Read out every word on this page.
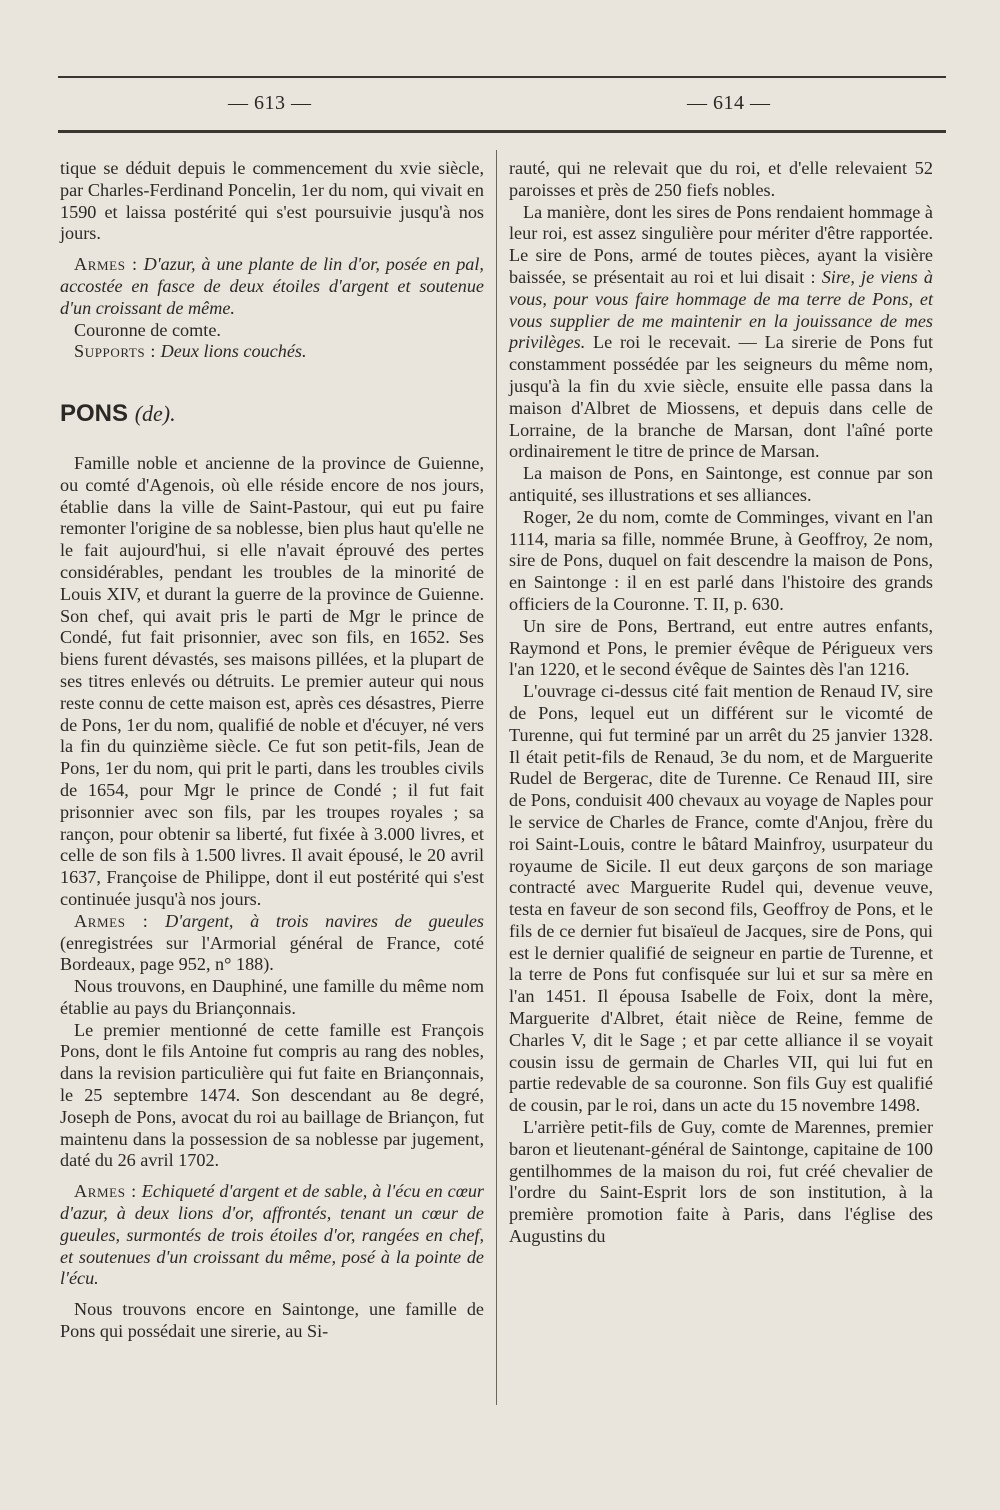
— 613 —	— 614 —

tique se déduit depuis le commencement du xvie siècle, par Charles-Ferdinand Poncelin, 1er du nom, qui vivait en 1590 et laissa postérité qui s'est poursuivie jusqu'à nos jours.

Armes : D'azur, à une plante de lin d'or, posée en pal, accostée en fasce de deux étoiles d'argent et soutenue d'un croissant de même.

Couronne de comte.

Supports : Deux lions couchés.

PONS (de).

Famille noble et ancienne de la province de Guienne, ou comté d'Agenois, où elle réside encore de nos jours, établie dans la ville de Saint-Pastour, qui eut pu faire remonter l'origine de sa noblesse, bien plus haut qu'elle ne le fait aujourd'hui, si elle n'avait éprouvé des pertes considérables, pendant les troubles de la minorité de Louis XIV, et durant la guerre de la province de Guienne. Son chef, qui avait pris le parti de Mgr le prince de Condé, fut fait prisonnier, avec son fils, en 1652. Ses biens furent dévastés, ses maisons pillées, et la plupart de ses titres enlevés ou détruits. Le premier auteur qui nous reste connu de cette maison est, après ces désastres, Pierre de Pons, 1er du nom, qualifié de noble et d'écuyer, né vers la fin du quinzième siècle. Ce fut son petit-fils, Jean de Pons, 1er du nom, qui prit le parti, dans les troubles civils de 1654, pour Mgr le prince de Condé ; il fut fait prisonnier avec son fils, par les troupes royales ; sa rançon, pour obtenir sa liberté, fut fixée à 3.000 livres, et celle de son fils à 1.500 livres. Il avait épousé, le 20 avril 1637, Françoise de Philippe, dont il eut postérité qui s'est continuée jusqu'à nos jours.

Armes : D'argent, à trois navires de gueules (enregistrées sur l'Armorial général de France, coté Bordeaux, page 952, n° 188).

Nous trouvons, en Dauphiné, une famille du même nom établie au pays du Briançonnais.

Le premier mentionné de cette famille est François Pons, dont le fils Antoine fut compris au rang des nobles, dans la revision particulière qui fut faite en Briançonnais, le 25 septembre 1474. Son descendant au 8e degré, Joseph de Pons, avocat du roi au baillage de Briançon, fut maintenu dans la possession de sa noblesse par jugement, daté du 26 avril 1702.

Armes : Echiqueté d'argent et de sable, à l'écu en cœur d'azur, à deux lions d'or, affrontés, tenant un cœur de gueules, surmontés de trois étoiles d'or, rangées en chef, et soutenues d'un croissant du même, posé à la pointe de l'écu.

Nous trouvons encore en Saintonge, une famille de Pons qui possédait une sirerie, au Si-

rauté, qui ne relevait que du roi, et d'elle relevaient 52 paroisses et près de 250 fiefs nobles.

La manière, dont les sires de Pons rendaient hommage à leur roi, est assez singulière pour mériter d'être rapportée. Le sire de Pons, armé de toutes pièces, ayant la visière baissée, se présentait au roi et lui disait : Sire, je viens à vous, pour vous faire hommage de ma terre de Pons, et vous supplier de me maintenir en la jouissance de mes privilèges. Le roi le recevait. — La sirerie de Pons fut constamment possédée par les seigneurs du même nom, jusqu'à la fin du xvie siècle, ensuite elle passa dans la maison d'Albret de Miossens, et depuis dans celle de Lorraine, de la branche de Marsan, dont l'aîné porte ordinairement le titre de prince de Marsan.

La maison de Pons, en Saintonge, est connue par son antiquité, ses illustrations et ses alliances.

Roger, 2e du nom, comte de Comminges, vivant en l'an 1114, maria sa fille, nommée Brune, à Geoffroy, 2e nom, sire de Pons, duquel on fait descendre la maison de Pons, en Saintonge : il en est parlé dans l'histoire des grands officiers de la Couronne. T. II, p. 630.

Un sire de Pons, Bertrand, eut entre autres enfants, Raymond et Pons, le premier évêque de Périgueux vers l'an 1220, et le second évêque de Saintes dès l'an 1216.

L'ouvrage ci-dessus cité fait mention de Renaud IV, sire de Pons, lequel eut un différent sur le vicomté de Turenne, qui fut terminé par un arrêt du 25 janvier 1328. Il était petit-fils de Renaud, 3e du nom, et de Marguerite Rudel de Bergerac, dite de Turenne. Ce Renaud III, sire de Pons, conduisit 400 chevaux au voyage de Naples pour le service de Charles de France, comte d'Anjou, frère du roi Saint-Louis, contre le bâtard Mainfroy, usurpateur du royaume de Sicile. Il eut deux garçons de son mariage contracté avec Marguerite Rudel qui, devenue veuve, testa en faveur de son second fils, Geoffroy de Pons, et le fils de ce dernier fut bisaïeul de Jacques, sire de Pons, qui est le dernier qualifié de seigneur en partie de Turenne, et la terre de Pons fut confisquée sur lui et sur sa mère en l'an 1451. Il épousa Isabelle de Foix, dont la mère, Marguerite d'Albret, était nièce de Reine, femme de Charles V, dit le Sage ; et par cette alliance il se voyait cousin issu de germain de Charles VII, qui lui fut en partie redevable de sa couronne. Son fils Guy est qualifié de cousin, par le roi, dans un acte du 15 novembre 1498.

L'arrière petit-fils de Guy, comte de Marennes, premier baron et lieutenant-général de Saintonge, capitaine de 100 gentilhommes de la maison du roi, fut créé chevalier de l'ordre du Saint-Esprit lors de son institution, à la première promotion faite à Paris, dans l'église des Augustins du
